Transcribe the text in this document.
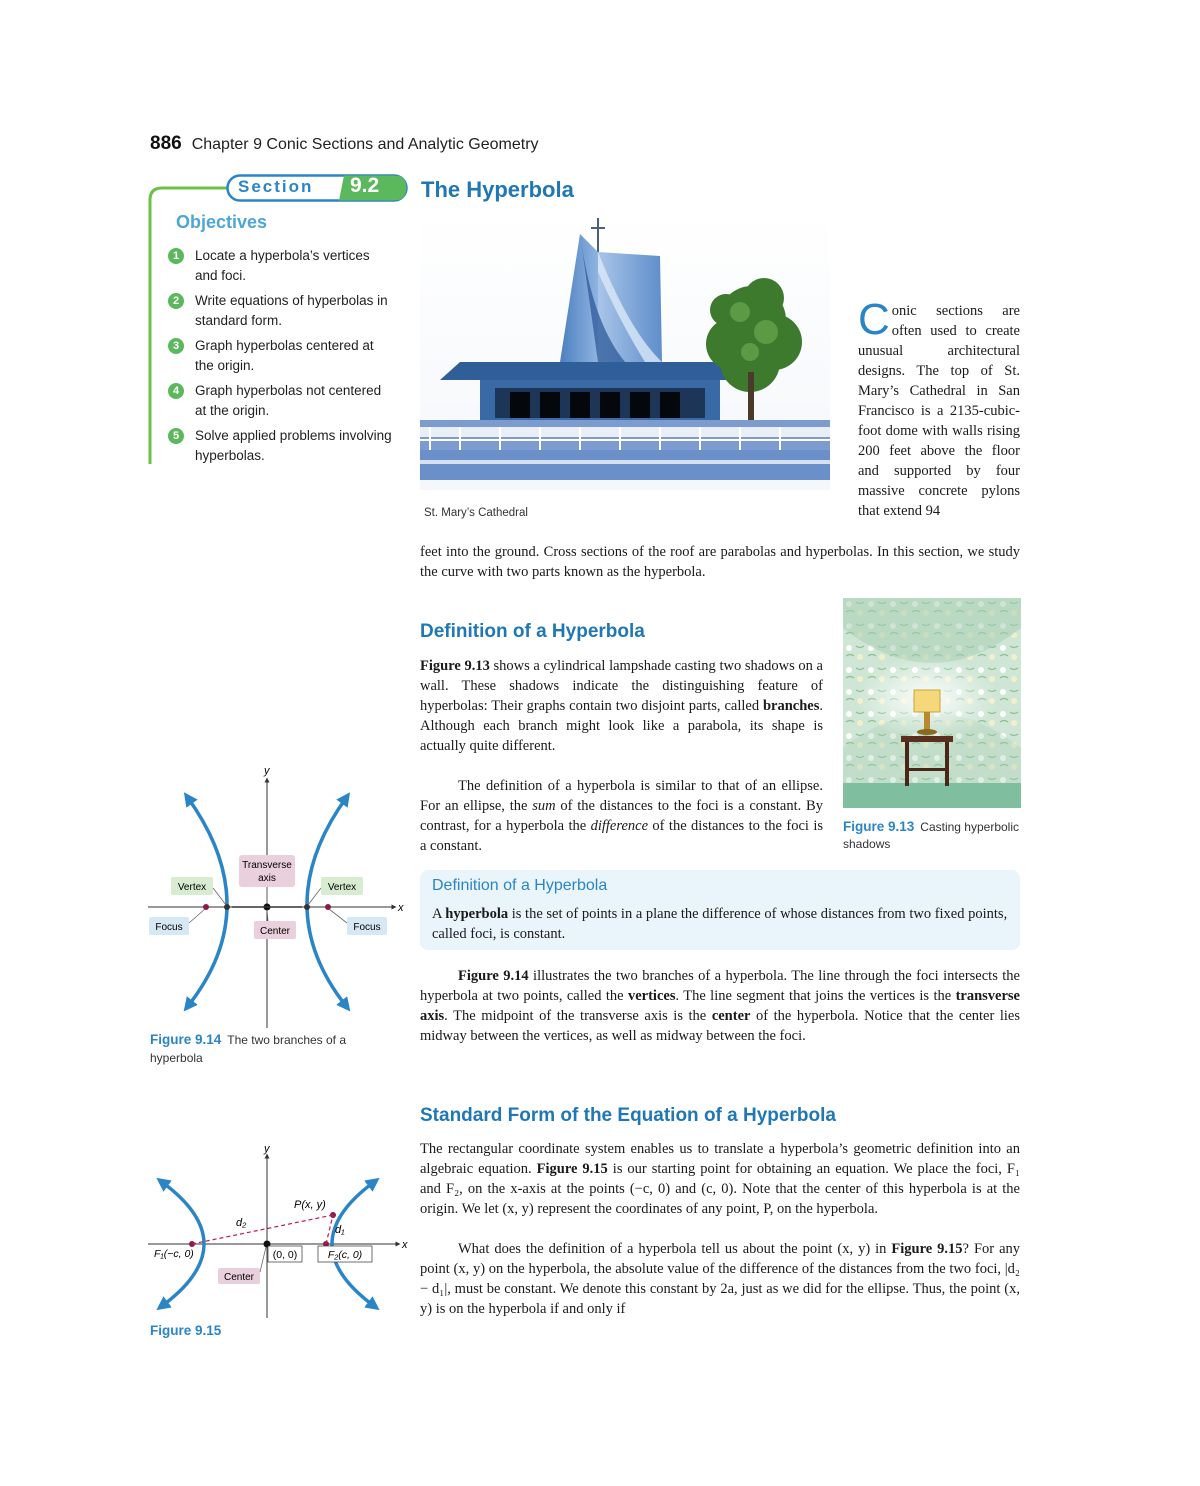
886 Chapter 9 Conic Sections and Analytic Geometry
Section 9.2
Objectives
1	Locate a hyperbola’s vertices and foci.
2	Write equations of hyperbolas in standard form.
3	Graph hyperbolas centered at the origin.
4	Graph hyperbolas not centered at the origin.
5	Solve applied problems involving hyperbolas.
The Hyperbola
St. Mary’s Cathedral
Conic sections are often used to create unusual architectural designs. The top of St. Mary’s Cathedral in San Francisco is a 2135-cubic-foot dome with walls rising 200 feet above the floor and supported by four massive concrete pylons that extend 94
feet into the ground. Cross sections of the roof are parabolas and hyperbolas. In this section, we study the curve with two parts known as the hyperbola.
Definition of a Hyperbola
Figure 9.13 shows a cylindrical lampshade casting two shadows on a wall. These shadows indicate the distinguishing feature of hyperbolas: Their graphs contain two disjoint parts, called branches. Although each branch might look like a parabola, its shape is actually quite different.
The definition of a hyperbola is similar to that of an ellipse. For an ellipse, the sum of the distances to the foci is a constant. By contrast, for a hyperbola the difference of the distances to the foci is a constant.
Figure 9.13 Casting hyperbolic shadows
Definition of a Hyperbola
A hyperbola is the set of points in a plane the difference of whose distances from two fixed points, called foci, is constant.
Figure 9.14 illustrates the two branches of a hyperbola. The line through the foci intersects the hyperbola at two points, called the vertices. The line segment that joins the vertices is the transverse axis. The midpoint of the transverse axis is the center of the hyperbola. Notice that the center lies midway between the vertices, as well as midway between the foci.
Standard Form of the Equation of a Hyperbola
The rectangular coordinate system enables us to translate a hyperbola’s geometric definition into an algebraic equation. Figure 9.15 is our starting point for obtaining an equation. We place the foci, F₁ and F₂, on the x-axis at the points (−c, 0) and (c, 0). Note that the center of this hyperbola is at the origin. We let (x, y) represent the coordinates of any point, P, on the hyperbola.
What does the definition of a hyperbola tell us about the point (x, y) in Figure 9.15? For any point (x, y) on the hyperbola, the absolute value of the difference of the distances from the two foci, |d₂ − d₁|, must be constant. We denote this constant by 2a, just as we did for the ellipse. Thus, the point (x, y) is on the hyperbola if and only if
y
x
Transverse
axis
Vertex	Vertex
Focus	Focus
Center
Figure 9.14 The two branches of a hyperbola
y
x
P(x, y)
d₂
d₁
F₁(−c, 0)	(0, 0)	F₂(c, 0)
Center
Figure 9.15
